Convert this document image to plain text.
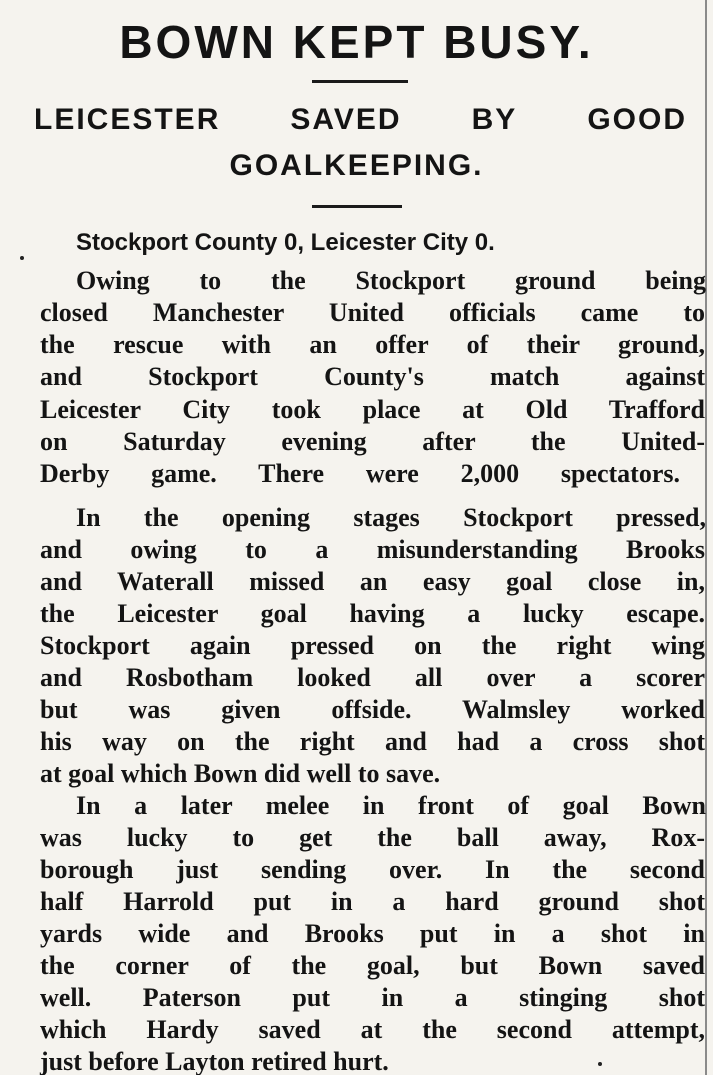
BOWN KEPT BUSY.
LEICESTER SAVED BY GOOD
GOALKEEPING.
Stockport County 0, Leicester City 0.
Owing to the Stockport ground being
closed Manchester United officials came to
the rescue with an offer of their ground,
and Stockport County's match against
Leicester City took place at Old Trafford
on Saturday evening after the United-
Derby game. There were 2,000 spectators.
In the opening stages Stockport pressed,
and owing to a misunderstanding Brooks
and Waterall missed an easy goal close in,
the Leicester goal having a lucky escape.
Stockport again pressed on the right wing
and Rosbotham looked all over a scorer
but was given offside. Walmsley worked
his way on the right and had a cross shot
at goal which Bown did well to save.
In a later melee in front of goal Bown
was lucky to get the ball away, Rox-
borough just sending over. In the second
half Harrold put in a hard ground shot
yards wide and Brooks put in a shot in
the corner of the goal, but Bown saved
well. Paterson put in a stinging shot
which Hardy saved at the second attempt,
just before Layton retired hurt.
